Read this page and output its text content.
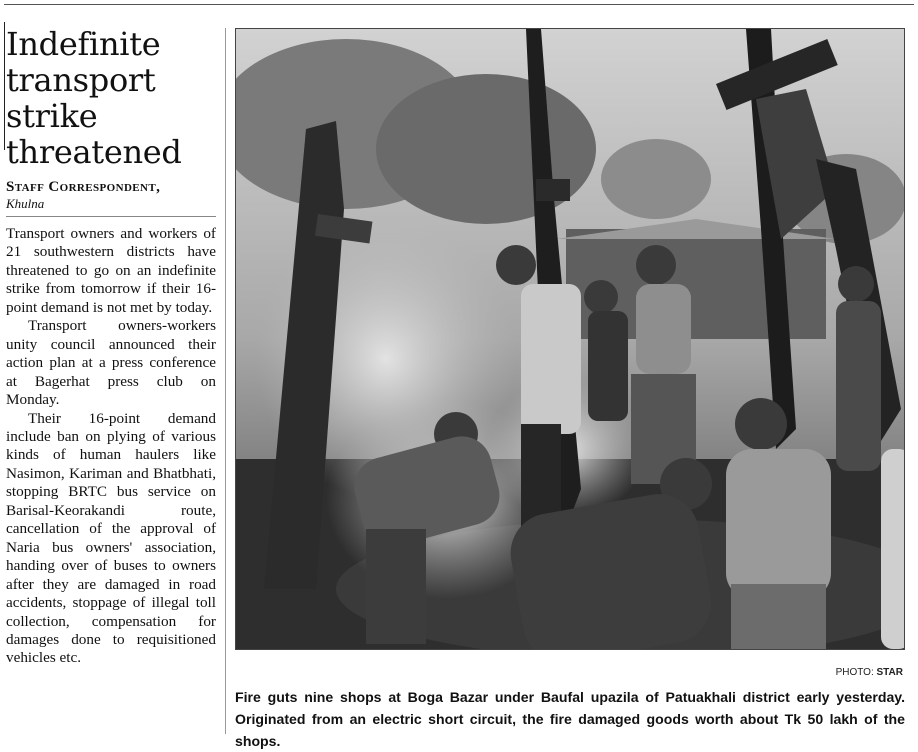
Indefinite transport strike threatened
Staff Correspondent,
Khulna

Transport owners and workers of 21 southwestern districts have threatened to go on an indefinite strike from tomorrow if their 16-point demand is not met by today.

Transport owners-workers unity council announced their action plan at a press conference at Bagerhat press club on Monday.

Their 16-point demand include ban on plying of various kinds of human haulers like Nasimon, Kariman and Bhatbhati, stopping BRTC bus service on Barisal-Keorakandi route, cancellation of the approval of Naria bus owners' association, handing over of buses to owners after they are damaged in road accidents, stoppage of illegal toll collection, compensation for damages done to requisitioned vehicles etc.

PHOTO: STAR
Fire guts nine shops at Boga Bazar under Baufal upazila of Patuakhali district early yesterday. Originated from an electric short circuit, the fire damaged goods worth about Tk 50 lakh of the shops.
